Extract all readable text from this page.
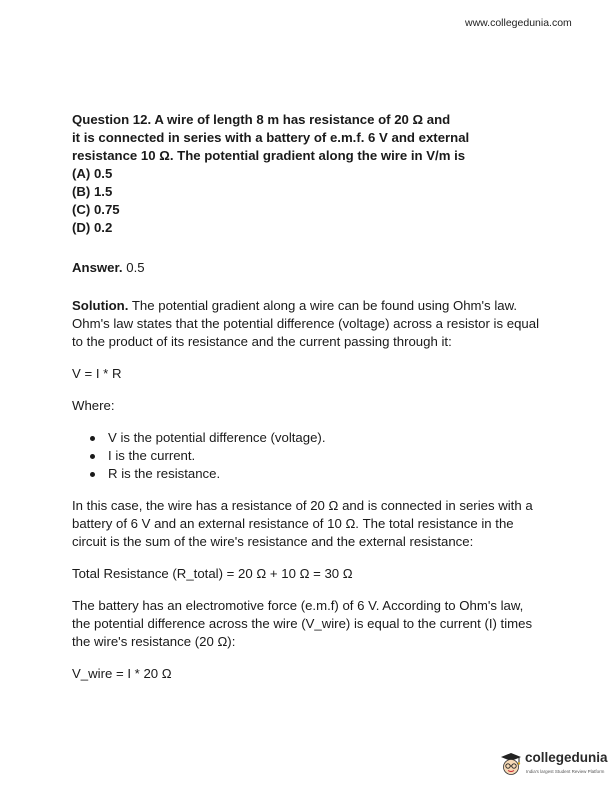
www.collegedunia.com

Question 12. A wire of length 8 m has resistance of 20 Ω and

it is connected in series with a battery of e.m.f. 6 V and external

resistance 10 Ω. The potential gradient along the wire in V/m is

(A) 0.5

(B) 1.5

(C) 0.75

(D) 0.2

Answer. 0.5
Solution. The potential gradient along a wire can be found using Ohm's law. Ohm's law states that the potential difference (voltage) across a resistor is equal to the product of its resistance and the current passing through it:
V = I * R
Where:
V is the potential difference (voltage).
I is the current.
R is the resistance.
In this case, the wire has a resistance of 20 Ω and is connected in series with a battery of 6 V and an external resistance of 10 Ω. The total resistance in the circuit is the sum of the wire's resistance and the external resistance:
Total Resistance (R_total) = 20 Ω + 10 Ω = 30 Ω
The battery has an electromotive force (e.m.f) of 6 V. According to Ohm's law, the potential difference across the wire (V_wire) is equal to the current (I) times the wire's resistance (20 Ω):
V_wire = I * 20 Ω
collegedunia
India's largest Student Review Platform
